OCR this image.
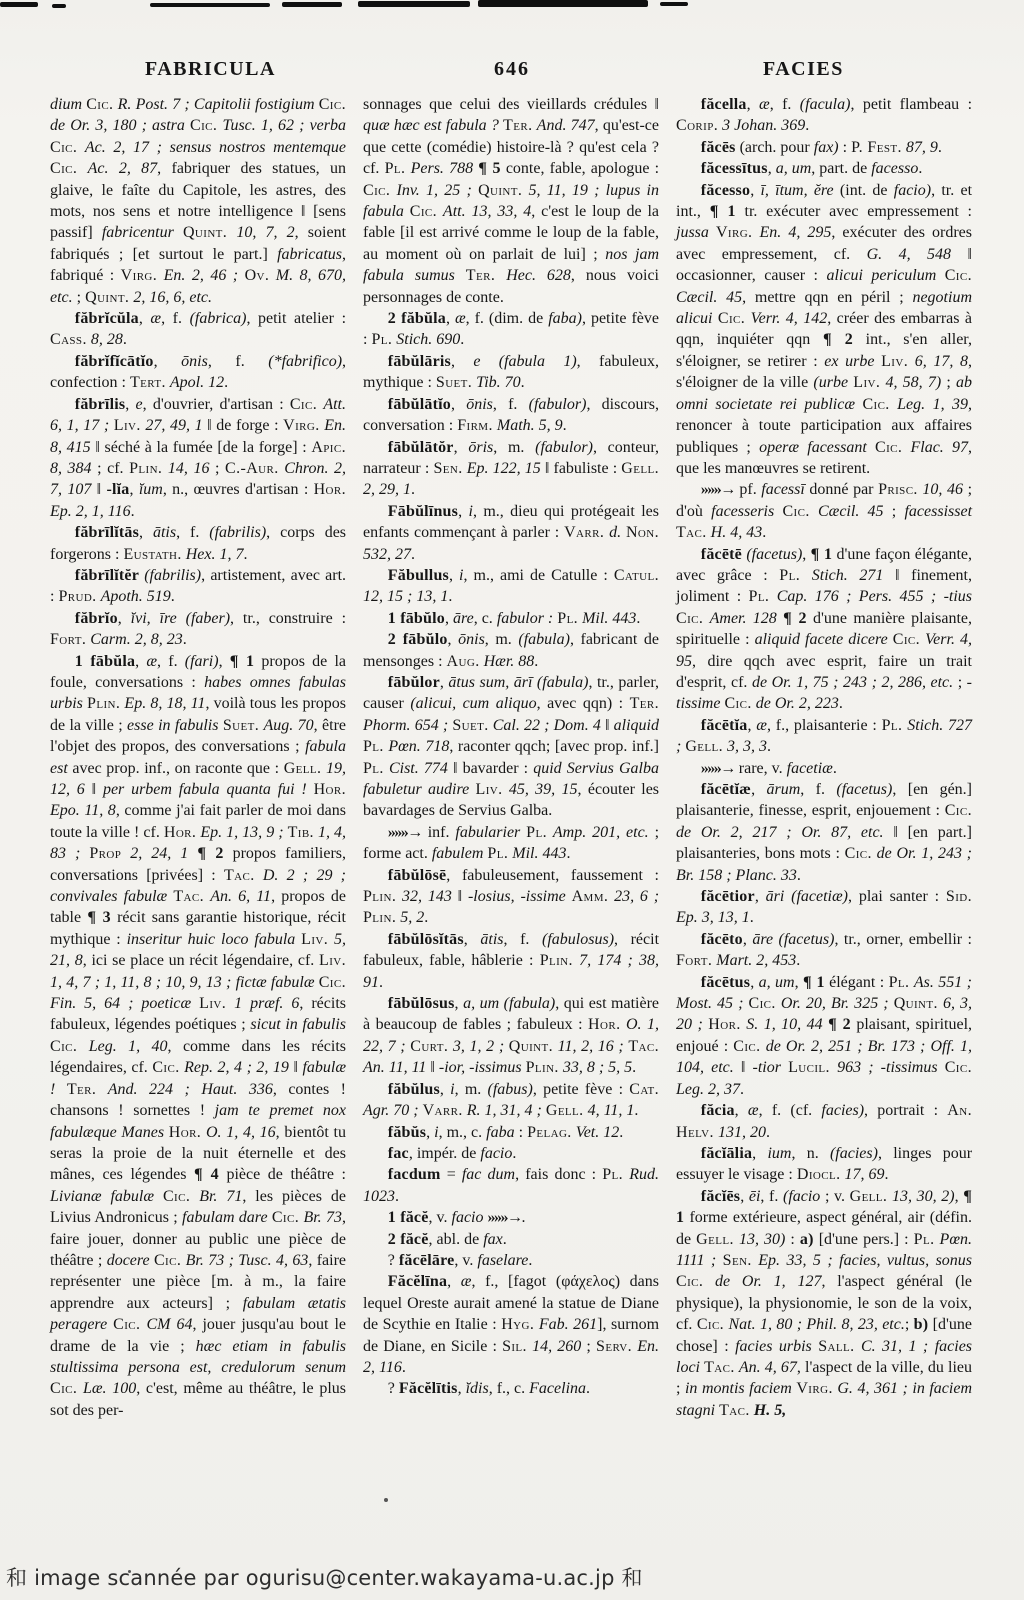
FABRICULA	646	FACIES

dium Cic. R. Post. 7 ; Capitolii fostigium Cic. de Or. 3, 180 ; astra Cic. Tusc. 1, 62 ; verba Cic. Ac. 2, 17 ; sensus nostros mentemque Cic. Ac. 2, 87, fabriquer des statues, un glaive, le faîte du Capitole, les astres, des mots, nos sens et notre intelligence ‖ [sens passif] fabricentur Quint. 10, 7, 2, soient fabriqués ; [et surtout le part.] fabricatus, fabriqué : Virg. En. 2, 46 ; Ov. M. 8, 670, etc. ; Quint. 2, 16, 6, etc.

făbrĭcŭla, æ, f. (fabrica), petit atelier : Cass. 8, 28.

făbrĭfĭcātĭo, ōnis, f. (*fabrifico), confection : Tert. Apol. 12.

făbrīlis, e, d'ouvrier, d'artisan : Cic. Att. 6, 1, 17 ; Liv. 27, 49, 1 ‖ de forge : Virg. En. 8, 415 ‖ séché à la fumée [de la forge] : Apic. 8, 384 ; cf. Plin. 14, 16 ; C.-Aur. Chron. 2, 7, 107 ‖ -lĭa, ĭum, n., œuvres d'artisan : Hor. Ep. 2, 1, 116.

făbrīlĭtās, ātis, f. (fabrilis), corps des forgerons : Eustath. Hex. 1, 7.

făbrīlĭtĕr (fabrilis), artistement, avec art. : Prud. Apoth. 519.

făbrĭo, ĭvi, īre (faber), tr., construire : Fort. Carm. 2, 8, 23.

1 fābŭla, æ, f. (fari), ¶ 1 propos de la foule, conversations : habes omnes fabulas urbis Plin. Ep. 8, 18, 11, voilà tous les propos de la ville ; esse in fabulis Suet. Aug. 70, être l'objet des propos, des conversations ; fabula est avec prop. inf., on raconte que : Gell. 19, 12, 6 ‖ per urbem fabula quanta fui ! Hor. Epo. 11, 8, comme j'ai fait parler de moi dans toute la ville ! cf. Hor. Ep. 1, 13, 9 ; Tib. 1, 4, 83 ; Prop 2, 24, 1 ¶ 2 propos familiers, conversations [privées] : Tac. D. 2 ; 29 ; convivales fabulæ Tac. An. 6, 11, propos de table ¶ 3 récit sans garantie historique, récit mythique : inseritur huic loco fabula Liv. 5, 21, 8, ici se place un récit légendaire, cf. Liv. 1, 4, 7 ; 1, 11, 8 ; 10, 9, 13 ; fictæ fabulæ Cic. Fin. 5, 64 ; poeticæ Liv. 1 præf. 6, récits fabuleux, légendes poétiques ; sicut in fabulis Cic. Leg. 1, 40, comme dans les récits légendaires, cf. Cic. Rep. 2, 4 ; 2, 19 ‖ fabulæ ! Ter. And. 224 ; Haut. 336, contes ! chansons ! sornettes ! jam te premet nox fabulæque Manes Hor. O. 1, 4, 16, bientôt tu seras la proie de la nuit éternelle et des mânes, ces légendes ¶ 4 pièce de théâtre : Livianæ fabulæ Cic. Br. 71, les pièces de Livius Andronicus ; fabulam dare Cic. Br. 73, faire jouer, donner au public une pièce de théâtre ; docere Cic. Br. 73 ; Tusc. 4, 63, faire représenter une pièce [m. à m., la faire apprendre aux acteurs] ; fabulam ætatis peragere Cic. CM 64, jouer jusqu'au bout le drame de la vie ; hæc etiam in fabulis stultissima persona est, credulorum senum Cic. Læ. 100, c'est, même au théâtre, le plus sot des per-

sonnages que celui des vieillards crédules ‖ quæ hæc est fabula ? Ter. And. 747, qu'est-ce que cette (comédie) histoire-là ? qu'est cela ? cf. Pl. Pers. 788 ¶ 5 conte, fable, apologue : Cic. Inv. 1, 25 ; Quint. 5, 11, 19 ; lupus in fabula Cic. Att. 13, 33, 4, c'est le loup de la fable [il est arrivé comme le loup de la fable, au moment où on parlait de lui] ; nos jam fabula sumus Ter. Hec. 628, nous voici personnages de conte.

2 făbŭla, æ, f. (dim. de faba), petite fève : Pl. Stich. 690.

fābŭlāris, e (fabula 1), fabuleux, mythique : Suet. Tib. 70.

fābŭlātĭo, ōnis, f. (fabulor), discours, conversation : Firm. Math. 5, 9.

fābŭlātŏr, ōris, m. (fabulor), conteur, narrateur : Sen. Ep. 122, 15 ‖ fabuliste : Gell. 2, 29, 1.

Fābŭlīnus, i, m., dieu qui protégeait les enfants commençant à parler : Varr. d. Non. 532, 27.

Făbullus, i, m., ami de Catulle : Catul. 12, 15 ; 13, 1.

1 fābŭlo, āre, c. fabulor : Pl. Mil. 443.

2 fābŭlo, ōnis, m. (fabula), fabricant de mensonges : Aug. Hær. 88.

fābŭlor, ātus sum, ārī (fabula), tr., parler, causer (alicui, cum aliquo, avec qqn) : Ter. Phorm. 654 ; Suet. Cal. 22 ; Dom. 4 ‖ aliquid Pl. Pœn. 718, raconter qqch; [avec prop. inf.] Pl. Cist. 774 ‖ bavarder : quid Servius Galba fabuletur audire Liv. 45, 39, 15, écouter les bavardages de Servius Galba.

»»»→ inf. fabularier Pl. Amp. 201, etc. ; forme act. fabulem Pl. Mil. 443.

fābŭlōsē, fabuleusement, faussement : Plin. 32, 143 ‖ -losius, -issime Amm. 23, 6 ; Plin. 5, 2.

fābŭlōsĭtās, ātis, f. (fabulosus), récit fabuleux, fable, hâblerie : Plin. 7, 174 ; 38, 91.

fābŭlōsus, a, um (fabula), qui est matière à beaucoup de fables ; fabuleux : Hor. O. 1, 22, 7 ; Curt. 3, 1, 2 ; Quint. 11, 2, 16 ; Tac. An. 11, 11 ‖ -ior, -issimus Plin. 33, 8 ; 5, 5.

făbŭlus, i, m. (fabus), petite fève : Cat. Agr. 70 ; Varr. R. 1, 31, 4 ; Gell. 4, 11, 1.

făbŭs, i, m., c. faba : Pelag. Vet. 12.

fac, impér. de facio.

facdum = fac dum, fais donc : Pl. Rud. 1023.

1 făcĕ, v. facio »»»→.

2 făcĕ, abl. de fax.

? făcēlāre, v. faselare.

Făcĕlīna, æ, f., [fagot (φάχελος) dans lequel Oreste aurait amené la statue de Diane de Scythie en Italie : Hyg. Fab. 261], surnom de Diane, en Sicile : Sil. 14, 260 ; Serv. En. 2, 116.

? Făcĕlītis, ĭdis, f., c. Facelina.

făcella, æ, f. (facula), petit flambeau : Corip. 3 Johan. 369.

făcēs (arch. pour fax) : P. Fest. 87, 9.

făcessītus, a, um, part. de facesso.

făcesso, ī, ītum, ĕre (int. de facio), tr. et int., ¶ 1 tr. exécuter avec empressement : jussa Virg. En. 4, 295, exécuter des ordres avec empressement, cf. G. 4, 548 ‖ occasionner, causer : alicui periculum Cic. Cæcil. 45, mettre qqn en péril ; negotium alicui Cic. Verr. 4, 142, créer des embarras à qqn, inquiéter qqn ¶ 2 int., s'en aller, s'éloigner, se retirer : ex urbe Liv. 6, 17, 8, s'éloigner de la ville (urbe Liv. 4, 58, 7) ; ab omni societate rei publicæ Cic. Leg. 1, 39, renoncer à toute participation aux affaires publiques ; operæ facessant Cic. Flac. 97, que les manœuvres se retirent.

»»»→ pf. facessī donné par Prisc. 10, 46 ; d'où facesseris Cic. Cæcil. 45 ; facessisset Tac. H. 4, 43.

făcētē (facetus), ¶ 1 d'une façon élégante, avec grâce : Pl. Stich. 271 ‖ finement, joliment : Pl. Cap. 176 ; Pers. 455 ; -tius Cic. Amer. 128 ¶ 2 d'une manière plaisante, spirituelle : aliquid facete dicere Cic. Verr. 4, 95, dire qqch avec esprit, faire un trait d'esprit, cf. de Or. 1, 75 ; 243 ; 2, 286, etc. ; -tissime Cic. de Or. 2, 223.

făcētĭa, æ, f., plaisanterie : Pl. Stich. 727 ; Gell. 3, 3, 3.

»»»→ rare, v. facetiæ.

făcētĭæ, ārum, f. (facetus), [en gén.] plaisanterie, finesse, esprit, enjouement : Cic. de Or. 2, 217 ; Or. 87, etc. ‖ [en part.] plaisanteries, bons mots : Cic. de Or. 1, 243 ; Br. 158 ; Planc. 33.

făcētior, āri (facetiæ), plai santer : Sid. Ep. 3, 13, 1.

făcēto, āre (facetus), tr., orner, embellir : Fort. Mart. 2, 453.

făcētus, a, um, ¶ 1 élégant : Pl. As. 551 ; Most. 45 ; Cic. Or. 20, Br. 325 ; Quint. 6, 3, 20 ; Hor. S. 1, 10, 44 ¶ 2 plaisant, spirituel, enjoué : Cic. de Or. 2, 251 ; Br. 173 ; Off. 1, 104, etc. ‖ -tior Lucil. 963 ; -tissimus Cic. Leg. 2, 37.

făcia, æ, f. (cf. facies), portrait : An. Helv. 131, 20.

făcĭālia, ium, n. (facies), linges pour essuyer le visage : Diocl. 17, 69.

făcĭēs, ēi, f. (facio ; v. Gell. 13, 30, 2), ¶ 1 forme extérieure, aspect général, air (défin. de Gell. 13, 30) : a) [d'une pers.] : Pl. Pœn. 1111 ; Sen. Ep. 33, 5 ; facies, vultus, sonus Cic. de Or. 1, 127, l'aspect général (le physique), la physionomie, le son de la voix, cf. Cic. Nat. 1, 80 ; Phil. 8, 23, etc.; b) [d'une chose] : facies urbis Sall. C. 31, 1 ; facies loci Tac. An. 4, 67, l'aspect de la ville, du lieu ; in montis faciem Virg. G. 4, 361 ; in faciem stagni Tac. H. 5,

和 image scannée par ogurisu@center.wakayama-u.ac.jp 和
